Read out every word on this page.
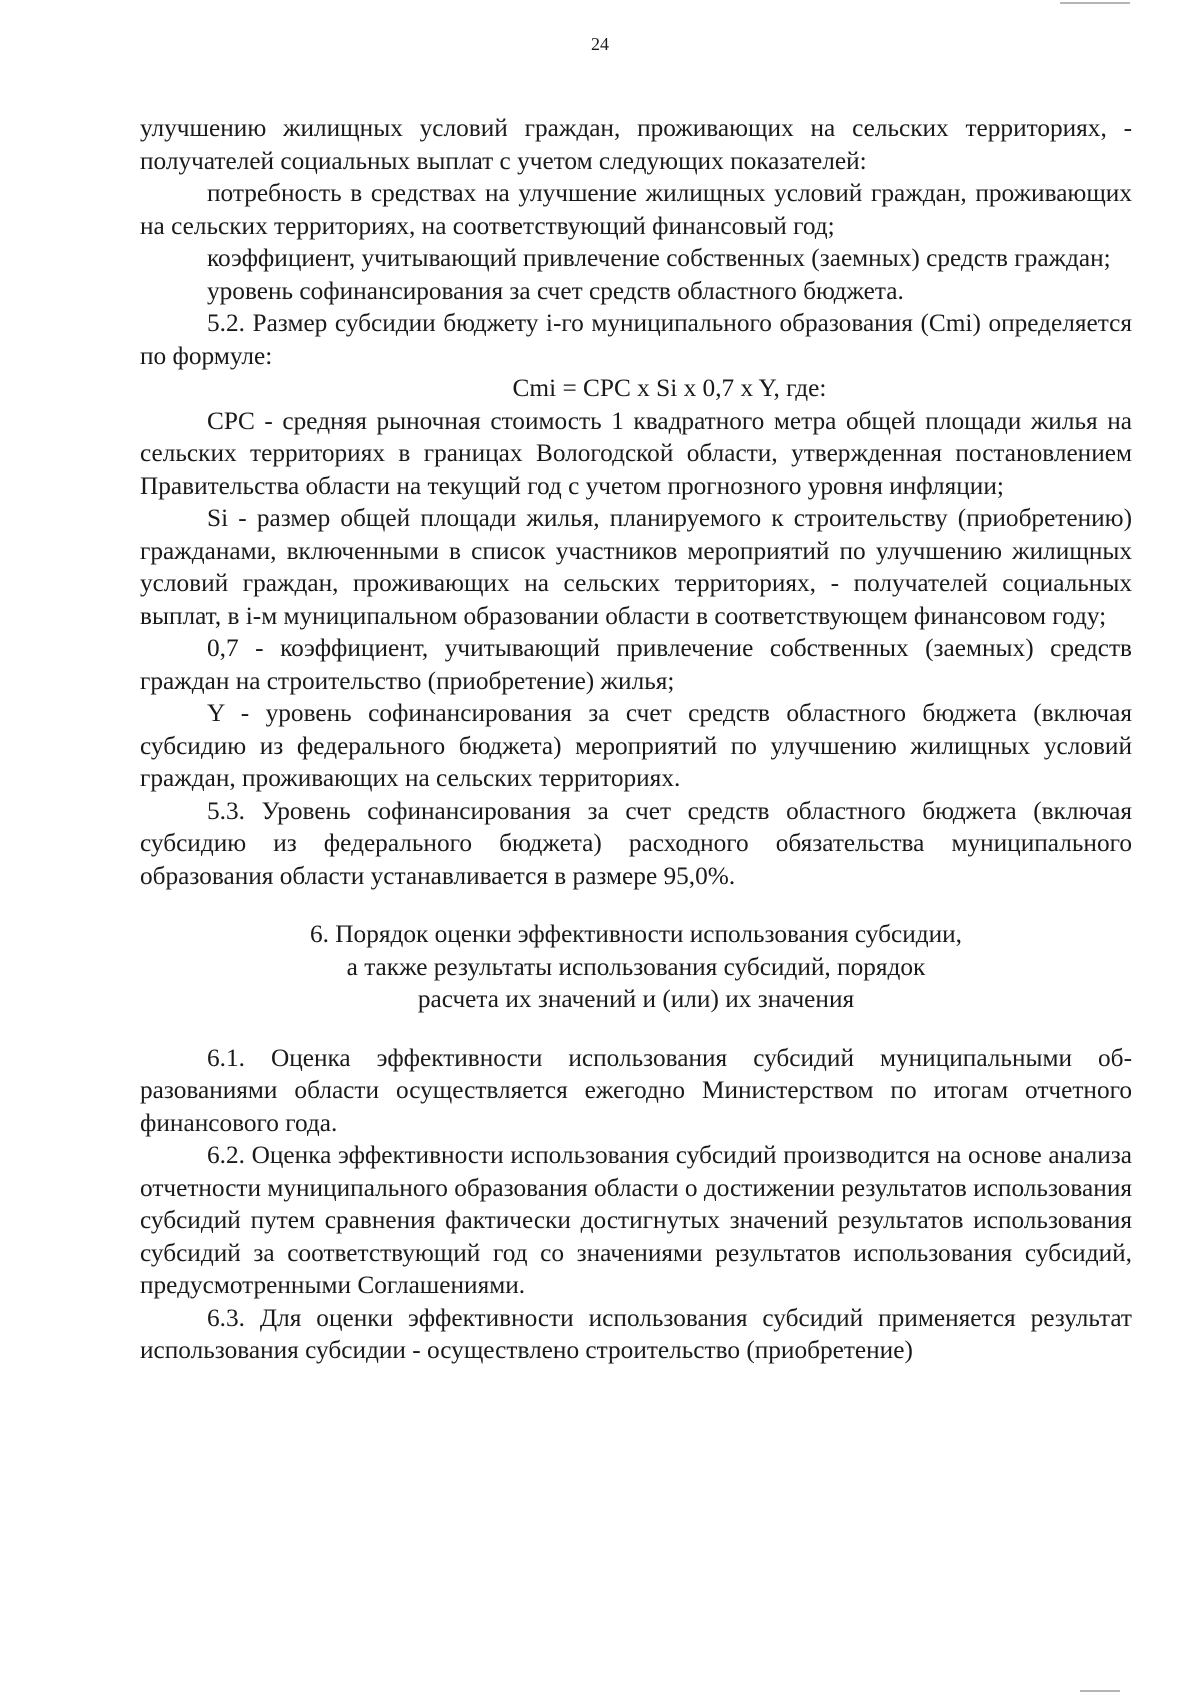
24

улучшению жилищных условий граждан, проживающих на сельских территориях, - получателей социальных выплат с учетом следующих показателей:

потребность в средствах на улучшение жилищных условий граждан, проживающих на сельских территориях, на соответствующий финансовый год;

коэффициент, учитывающий привлечение собственных (заемных) средств граждан;

уровень софинансирования за счет средств областного бюджета.

5.2. Размер субсидии бюджету i-го муниципального образования (Cmi) определяется по формуле:

Cmi = CPC x Si x 0,7 x Y, где:

CPC - средняя рыночная стоимость 1 квадратного метра общей площади жилья на сельских территориях в границах Вологодской области, утвержденная постановлением Правительства области на текущий год с учетом прогнозного уровня инфляции;

Si - размер общей площади жилья, планируемого к строительству (приобретению) гражданами, включенными в список участников мероприятий по улучшению жилищных условий граждан, проживающих на сельских территориях, - получателей социальных выплат, в i-м муниципальном образовании области в соответствующем финансовом году;

0,7 - коэффициент, учитывающий привлечение собственных (заемных) средств граждан на строительство (приобретение) жилья;

Y - уровень софинансирования за счет средств областного бюджета (включая субсидию из федерального бюджета) мероприятий по улучшению жилищных условий граждан, проживающих на сельских территориях.

5.3. Уровень софинансирования за счет средств областного бюджета (включая субсидию из федерального бюджета) расходного обязательства муниципального образования области устанавливается в размере 95,0%.

6. Порядок оценки эффективности использования субсидии,
а также результаты использования субсидий, порядок
расчета их значений и (или) их значения

6.1. Оценка эффективности использования субсидий муниципальными образованиями области осуществляется ежегодно Министерством по итогам отчетного финансового года.

6.2. Оценка эффективности использования субсидий производится на основе анализа отчетности муниципального образования области о достижении результатов использования субсидий путем сравнения фактически достигнутых значений результатов использования субсидий за соответствующий год со значениями результатов использования субсидий, предусмотренными Соглашениями.

6.3. Для оценки эффективности использования субсидий применяется результат использования субсидии - осуществлено строительство (приобретение)
